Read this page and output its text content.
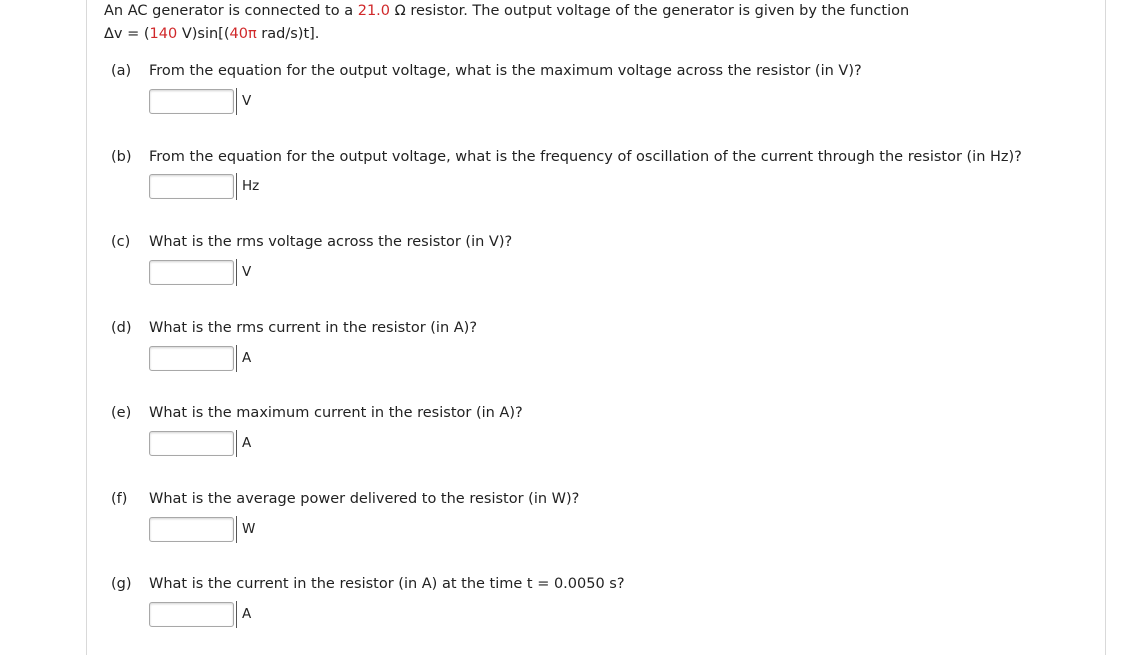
An AC generator is connected to a 21.0 Ω resistor. The output voltage of the generator is given by the function
Δv = (140 V)sin[(40π rad/s)t].
(a) From the equation for the output voltage, what is the maximum voltage across the resistor (in V)?
V
(b) From the equation for the output voltage, what is the frequency of oscillation of the current through the resistor (in Hz)?
Hz
(c) What is the rms voltage across the resistor (in V)?
V
(d) What is the rms current in the resistor (in A)?
A
(e) What is the maximum current in the resistor (in A)?
A
(f) What is the average power delivered to the resistor (in W)?
W
(g) What is the current in the resistor (in A) at the time t = 0.0050 s?
A
